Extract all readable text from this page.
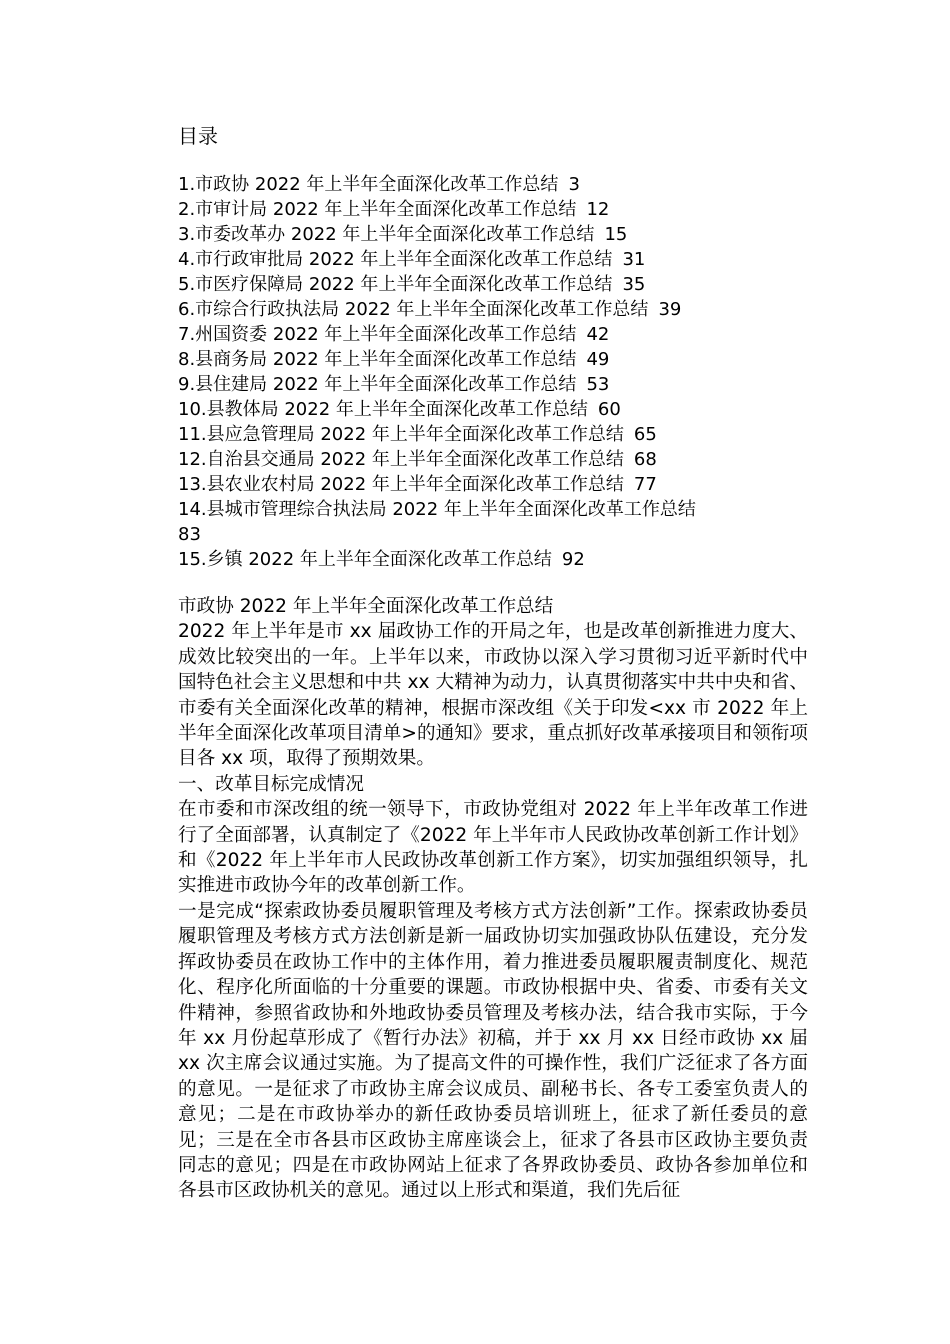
目录
1.市政协 2022 年上半年全面深化改革工作总结 3
2.市审计局 2022 年上半年全面深化改革工作总结 12
3.市委改革办 2022 年上半年全面深化改革工作总结 15
4.市行政审批局 2022 年上半年全面深化改革工作总结 31
5.市医疗保障局 2022 年上半年全面深化改革工作总结 35
6.市综合行政执法局 2022 年上半年全面深化改革工作总结 39
7.州国资委 2022 年上半年全面深化改革工作总结 42
8.县商务局 2022 年上半年全面深化改革工作总结 49
9.县住建局 2022 年上半年全面深化改革工作总结 53
10.县教体局 2022 年上半年全面深化改革工作总结 60
11.县应急管理局 2022 年上半年全面深化改革工作总结 65
12.自治县交通局 2022 年上半年全面深化改革工作总结 68
13.县农业农村局 2022 年上半年全面深化改革工作总结 77
14.县城市管理综合执法局 2022 年上半年全面深化改革工作总结
83
15.乡镇 2022 年上半年全面深化改革工作总结 92

市政协 2022 年上半年全面深化改革工作总结

2022 年上半年是市 xx 届政协工作的开局之年，也是改革创新推进力度大、成效比较突出的一年。上半年以来，市政协以深入学习贯彻习近平新时代中国特色社会主义思想和中共 xx 大精神为动力，认真贯彻落实中共中央和省、市委有关全面深化改革的精神，根据市深改组《关于印发<xx 市 2022 年上半年全面深化改革项目清单>的通知》要求，重点抓好改革承接项目和领衔项目各 xx 项，取得了预期效果。

一、改革目标完成情况

在市委和市深改组的统一领导下，市政协党组对 2022 年上半年改革工作进行了全面部署，认真制定了《2022 年上半年市人民政协改革创新工作计划》和《2022 年上半年市人民政协改革创新工作方案》，切实加强组织领导，扎实推进市政协今年的改革创新工作。

一是完成“探索政协委员履职管理及考核方式方法创新”工作。探索政协委员履职管理及考核方式方法创新是新一届政协切实加强政协队伍建设，充分发挥政协委员在政协工作中的主体作用，着力推进委员履职履责制度化、规范化、程序化所面临的十分重要的课题。市政协根据中央、省委、市委有关文件精神，参照省政协和外地政协委员管理及考核办法，结合我市实际，于今年 xx 月份起草形成了《暂行办法》初稿，并于 xx 月 xx 日经市政协 xx 届 xx 次主席会议通过实施。为了提高文件的可操作性，我们广泛征求了各方面的意见。一是征求了市政协主席会议成员、副秘书长、各专工委室负责人的意见；二是在市政协举办的新任政协委员培训班上，征求了新任委员的意见；三是在全市各县市区政协主席座谈会上，征求了各县市区政协主要负责同志的意见；四是在市政协网站上征求了各界政协委员、政协各参加单位和各县市区政协机关的意见。通过以上形式和渠道，我们先后征
